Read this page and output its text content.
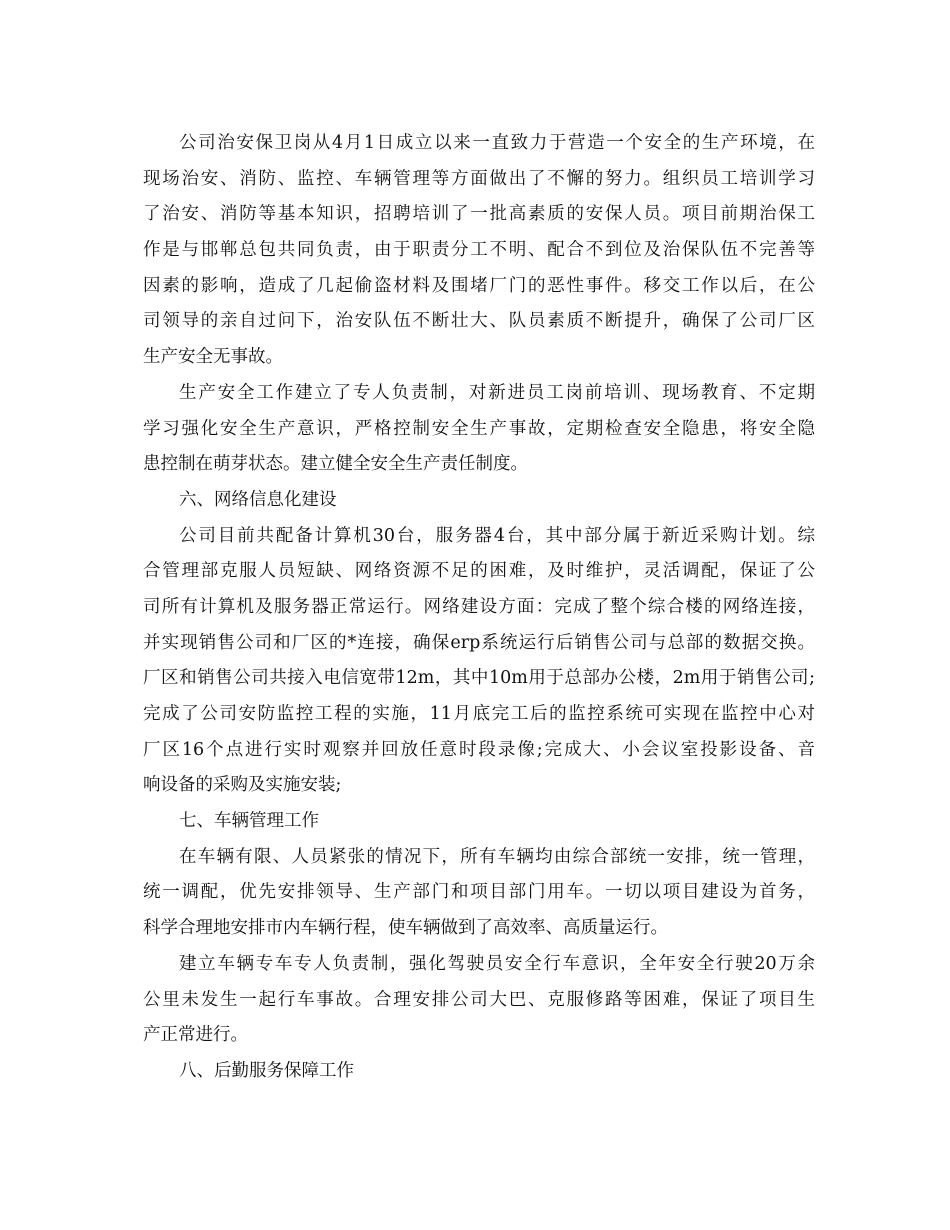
公司治安保卫岗从4月1日成立以来一直致力于营造一个安全的生产环境，在
现场治安、消防、监控、车辆管理等方面做出了不懈的努力。组织员工培训学习
了治安、消防等基本知识，招聘培训了一批高素质的安保人员。项目前期治保工
作是与邯郸总包共同负责，由于职责分工不明、配合不到位及治保队伍不完善等
因素的影响，造成了几起偷盗材料及围堵厂门的恶性事件。移交工作以后，在公
司领导的亲自过问下，治安队伍不断壮大、队员素质不断提升，确保了公司厂区
生产安全无事故。
生产安全工作建立了专人负责制，对新进员工岗前培训、现场教育、不定期
学习强化安全生产意识，严格控制安全生产事故，定期检查安全隐患，将安全隐
患控制在萌芽状态。建立健全安全生产责任制度。
六、网络信息化建设
公司目前共配备计算机30台，服务器4台，其中部分属于新近采购计划。综
合管理部克服人员短缺、网络资源不足的困难，及时维护，灵活调配，保证了公
司所有计算机及服务器正常运行。网络建设方面：完成了整个综合楼的网络连接，
并实现销售公司和厂区的*连接，确保erp系统运行后销售公司与总部的数据交换。
厂区和销售公司共接入电信宽带12m，其中10m用于总部办公楼，2m用于销售公司;
完成了公司安防监控工程的实施，11月底完工后的监控系统可实现在监控中心对
厂区16个点进行实时观察并回放任意时段录像;完成大、小会议室投影设备、音
响设备的采购及实施安装;
七、车辆管理工作
在车辆有限、人员紧张的情况下，所有车辆均由综合部统一安排，统一管理，
统一调配，优先安排领导、生产部门和项目部门用车。一切以项目建设为首务，
科学合理地安排市内车辆行程，使车辆做到了高效率、高质量运行。
建立车辆专车专人负责制，强化驾驶员安全行车意识，全年安全行驶20万余
公里未发生一起行车事故。合理安排公司大巴、克服修路等困难，保证了项目生
产正常进行。
八、后勤服务保障工作
